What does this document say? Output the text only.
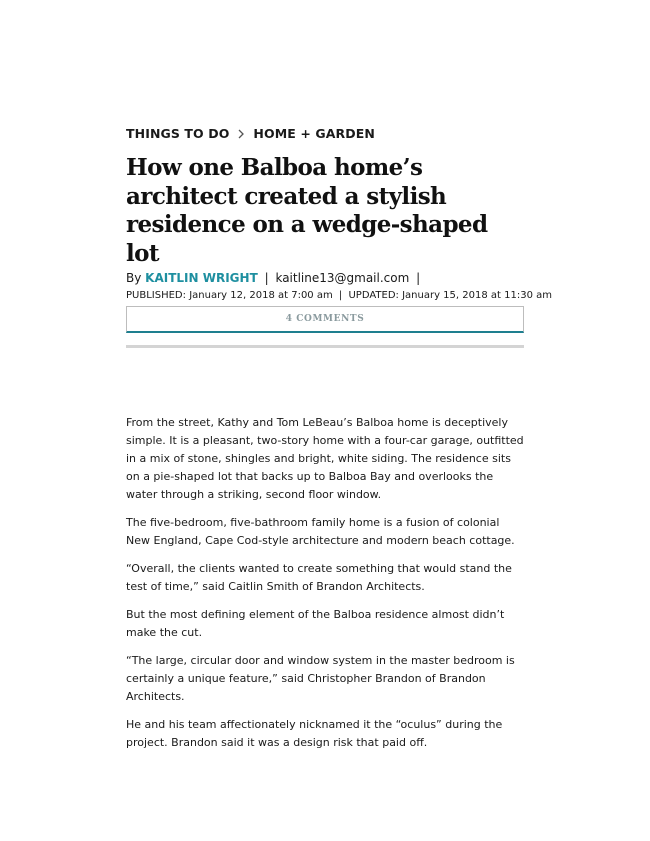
THINGS TO DO HOME + GARDEN
How one Balboa home’s architect created a stylish residence on a wedge-shaped lot
By KAITLIN WRIGHT | kaitline13@gmail.com |
PUBLISHED: January 12, 2018 at 7:00 am | UPDATED: January 15, 2018 at 11:30 am
4 COMMENTS

From the street, Kathy and Tom LeBeau’s Balboa home is deceptively simple. It is a pleasant, two-story home with a four-car garage, outfitted in a mix of stone, shingles and bright, white siding. The residence sits on a pie-shaped lot that backs up to Balboa Bay and overlooks the water through a striking, second floor window.

The five-bedroom, five-bathroom family home is a fusion of colonial New England, Cape Cod-style architecture and modern beach cottage.

“Overall, the clients wanted to create something that would stand the test of time,” said Caitlin Smith of Brandon Architects.

But the most defining element of the Balboa residence almost didn’t make the cut.

“The large, circular door and window system in the master bedroom is certainly a unique feature,” said Christopher Brandon of Brandon Architects.

He and his team affectionately nicknamed it the “oculus” during the project. Brandon said it was a design risk that paid off.
